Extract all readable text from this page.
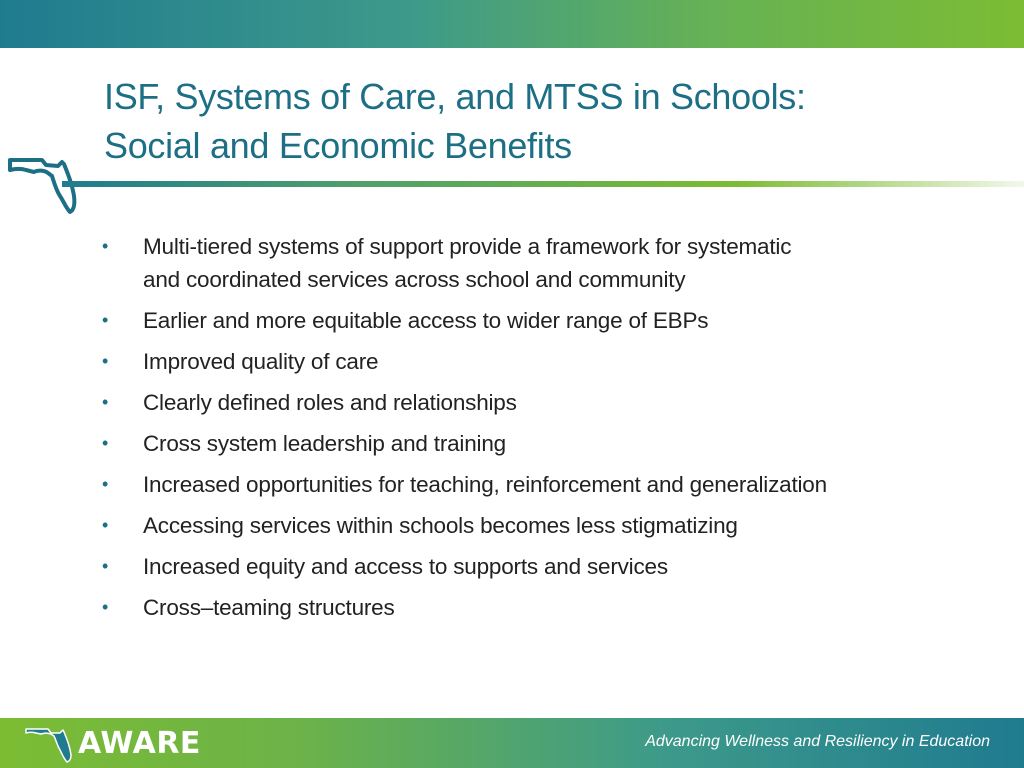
ISF, Systems of Care, and MTSS in Schools:
Social and Economic Benefits
• Multi-tiered systems of support provide a framework for systematic
and coordinated services across school and community
• Earlier and more equitable access to wider range of EBPs
• Improved quality of care
• Clearly defined roles and relationships
• Cross system leadership and training
• Increased opportunities for teaching, reinforcement and generalization
• Accessing services within schools becomes less stigmatizing
• Increased equity and access to supports and services
• Cross–teaming structures
AWARE	Advancing Wellness and Resiliency in Education
